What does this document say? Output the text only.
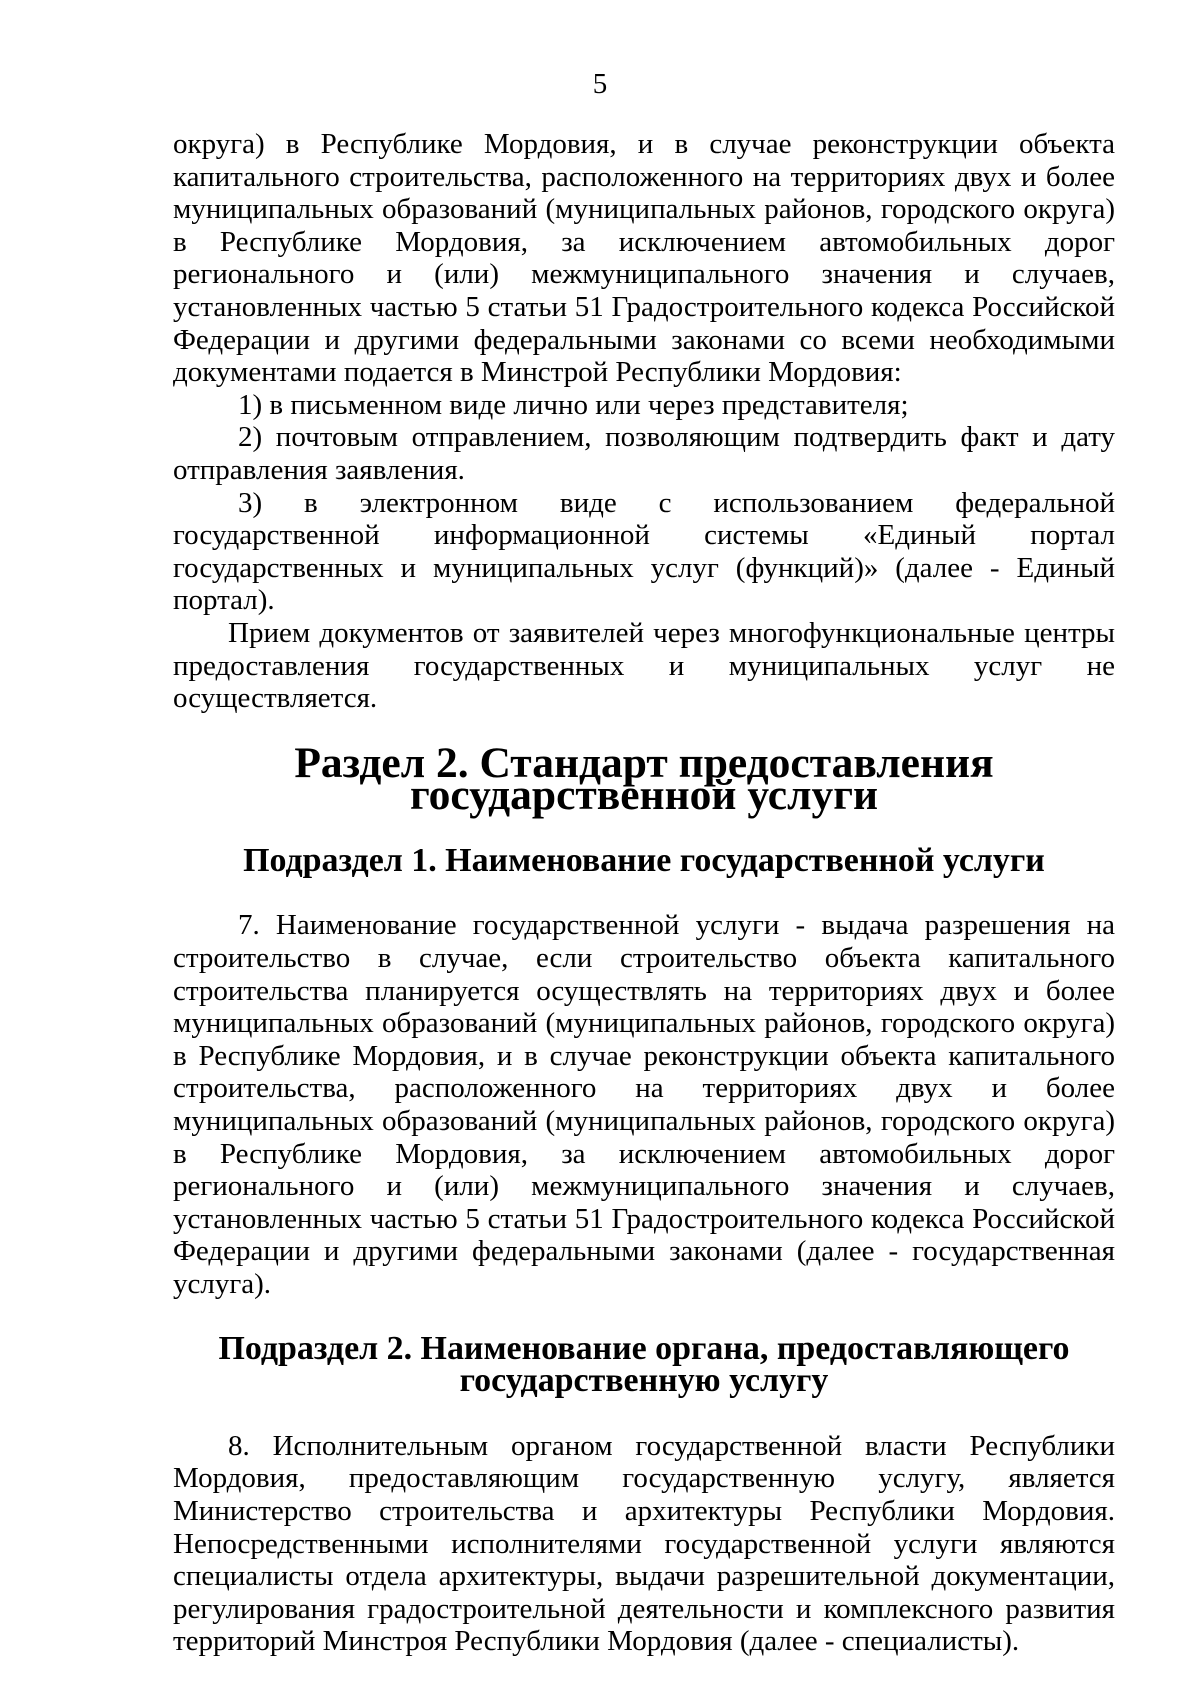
5

округа) в Республике Мордовия, и в случае реконструкции объекта капитального строительства, расположенного на территориях двух и более муниципальных образований (муниципальных районов, городского округа) в Республике Мордовия, за исключением автомобильных дорог регионального и (или) межмуниципального значения и случаев, установленных частью 5 статьи 51 Градостроительного кодекса Российской Федерации и другими федеральными законами со всеми необходимыми документами подается в Минстрой Республики Мордовия:

1) в письменном виде лично или через представителя;

2) почтовым отправлением, позволяющим подтвердить факт и дату отправления заявления.

3) в электронном виде с использованием федеральной государственной информационной системы «Единый портал государственных и муниципальных услуг (функций)» (далее - Единый портал).

Прием документов от заявителей через многофункциональные центры предоставления государственных и муниципальных услуг не осуществляется.

Раздел 2. Стандарт предоставления государственной услуги
Подраздел 1. Наименование государственной услуги

7. Наименование государственной услуги - выдача разрешения на строительство в случае, если строительство объекта капитального строительства планируется осуществлять на территориях двух и более муниципальных образований (муниципальных районов, городского округа) в Республике Мордовия, и в случае реконструкции объекта капитального строительства, расположенного на территориях двух и более муниципальных образований (муниципальных районов, городского округа) в Республике Мордовия, за исключением автомобильных дорог регионального и (или) межмуниципального значения и случаев, установленных частью 5 статьи 51 Градостроительного кодекса Российской Федерации и другими федеральными законами (далее - государственная услуга).

Подраздел 2. Наименование органа, предоставляющего государственную услугу

8. Исполнительным органом государственной власти Республики Мордовия, предоставляющим государственную услугу, является Министерство строительства и архитектуры Республики Мордовия. Непосредственными исполнителями государственной услуги являются специалисты отдела архитектуры, выдачи разрешительной документации, регулирования градостроительной деятельности и комплексного развития территорий Минстроя Республики Мордовия (далее - специалисты).
